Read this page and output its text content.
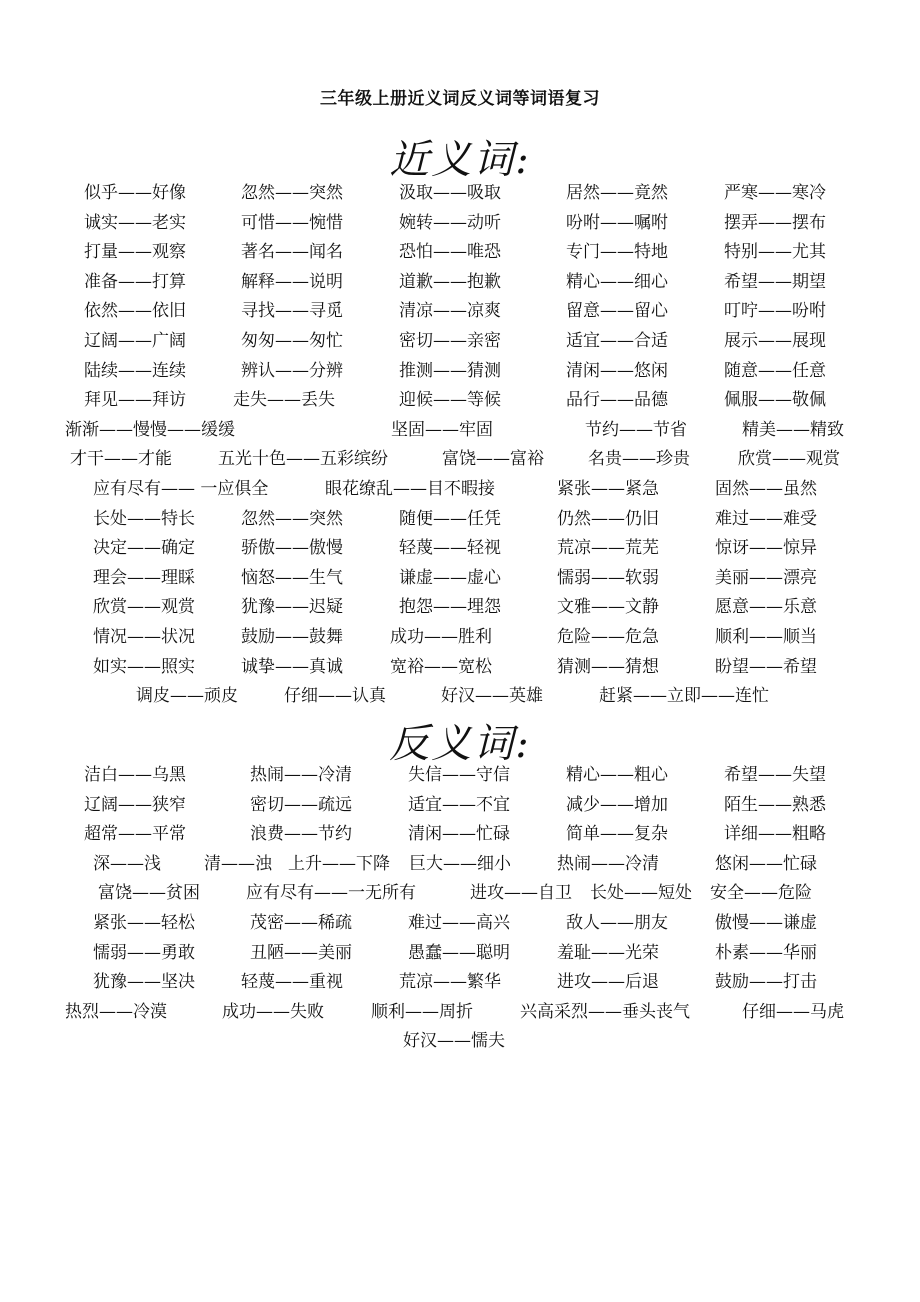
三年级上册近义词反义词等词语复习
近义词:
似乎——好像	忽然——突然	汲取——吸取	居然——竟然	严寒——寒冷
诚实——老实	可惜——惋惜	婉转——动听	吩咐——嘱咐	摆弄——摆布
打量——观察	著名——闻名	恐怕——唯恐	专门——特地	特别——尤其
准备——打算	解释——说明	道歉——抱歉	精心——细心	希望——期望
依然——依旧	寻找——寻觅	清凉——凉爽	留意——留心	叮咛——吩咐
辽阔——广阔	匆匆——匆忙	密切——亲密	适宜——合适	展示——展现
陆续——连续	辨认——分辨	推测——猜测	清闲——悠闲	随意——任意
拜见——拜访	走失——丢失	迎候——等候	品行——品德	佩服——敬佩
渐渐——慢慢——缓缓	坚固——牢固	节约——节省	精美——精致
才干——才能	五光十色——五彩缤纷	富饶——富裕	名贵——珍贵	欣赏——观赏
应有尽有—— 一应俱全	眼花缭乱——目不暇接	紧张——紧急	固然——虽然
长处——特长	忽然——突然	随便——任凭	仍然——仍旧	难过——难受
决定——确定	骄傲——傲慢	轻蔑——轻视	荒凉——荒芜	惊讶——惊异
理会——理睬	恼怒——生气	谦虚——虚心	懦弱——软弱	美丽——漂亮
欣赏——观赏	犹豫——迟疑	抱怨——埋怨	文雅——文静	愿意——乐意
情况——状况	鼓励——鼓舞	成功——胜利	危险——危急	顺利——顺当
如实——照实	诚挚——真诚	宽裕——宽松	猜测——猜想	盼望——希望
调皮——顽皮	仔细——认真	好汉——英雄	赶紧——立即——连忙
反义词:
洁白——乌黑	热闹——冷清	失信——守信	精心——粗心	希望——失望
辽阔——狭窄	密切——疏远	适宜——不宜	减少——增加	陌生——熟悉
超常——平常	浪费——节约	清闲——忙碌	简单——复杂	详细——粗略
深——浅	清——浊 上升——下降 巨大——细小	热闹——冷清	悠闲——忙碌
富饶——贫困	应有尽有——一无所有	进攻——自卫 长处——短处 安全——危险
紧张——轻松	茂密——稀疏	难过——高兴	敌人——朋友	傲慢——谦虚
懦弱——勇敢	丑陋——美丽	愚蠢——聪明	羞耻——光荣	朴素——华丽
犹豫——坚决	轻蔑——重视	荒凉——繁华	进攻——后退	鼓励——打击
热烈——冷漠	成功——失败	顺利——周折	兴高采烈——垂头丧气	仔细——马虎
好汉——懦夫
